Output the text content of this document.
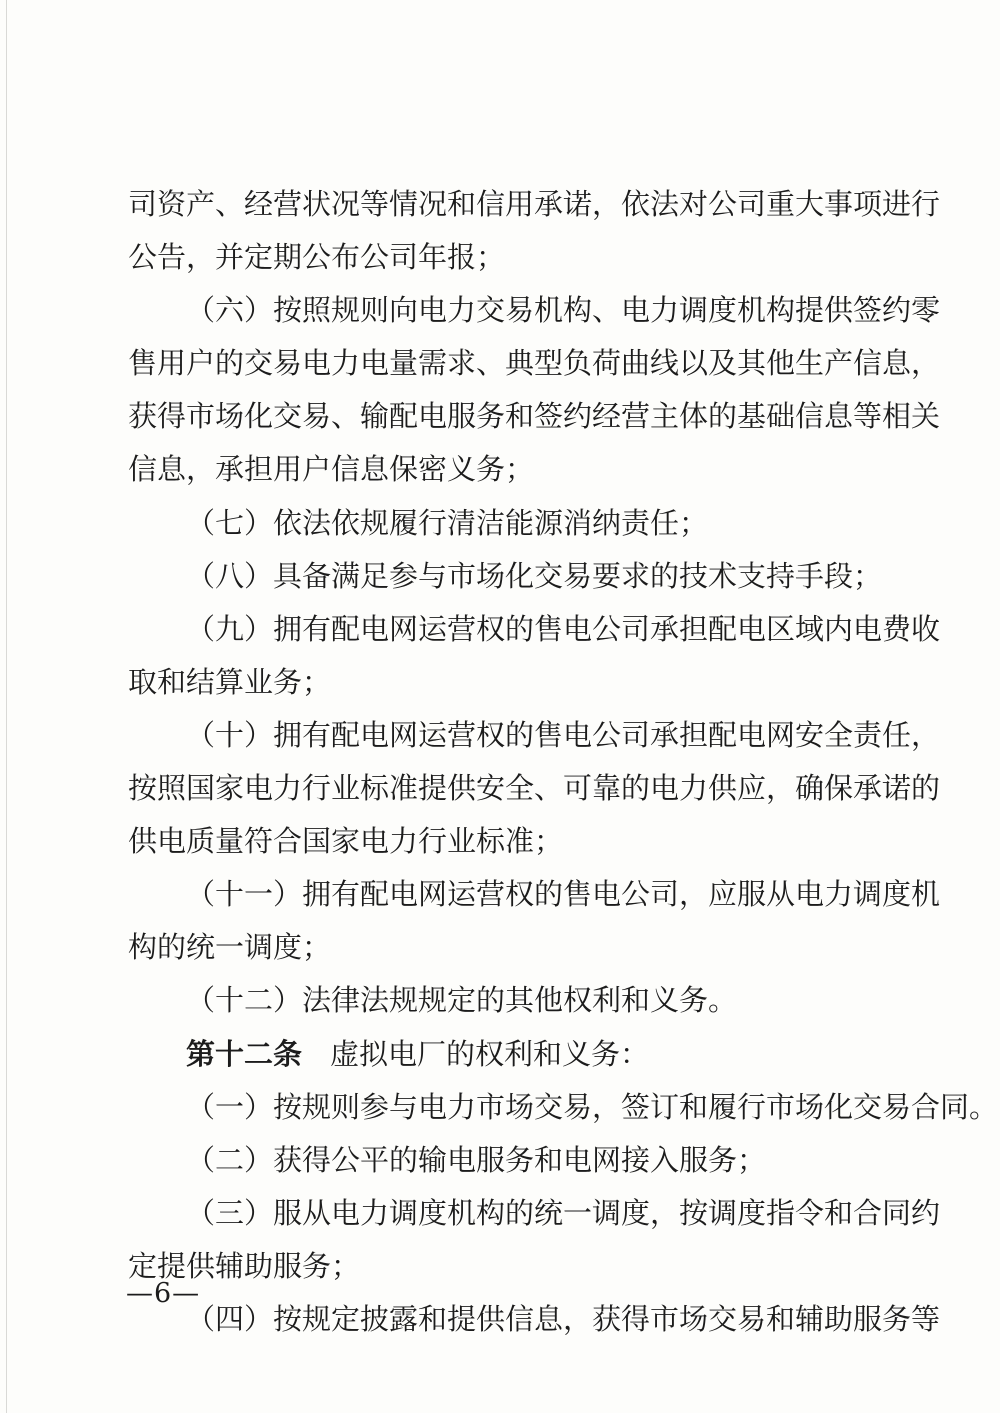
司资产、经营状况等情况和信用承诺，依法对公司重大事项进行
公告，并定期公布公司年报；
（六）按照规则向电力交易机构、电力调度机构提供签约零
售用户的交易电力电量需求、典型负荷曲线以及其他生产信息，
获得市场化交易、输配电服务和签约经营主体的基础信息等相关
信息，承担用户信息保密义务；
（七）依法依规履行清洁能源消纳责任；
（八）具备满足参与市场化交易要求的技术支持手段；
（九）拥有配电网运营权的售电公司承担配电区域内电费收
取和结算业务；
（十）拥有配电网运营权的售电公司承担配电网安全责任，
按照国家电力行业标准提供安全、可靠的电力供应，确保承诺的
供电质量符合国家电力行业标准；
（十一）拥有配电网运营权的售电公司，应服从电力调度机
构的统一调度；
（十二）法律法规规定的其他权利和义务。
第十二条 虚拟电厂的权利和义务：
（一）按规则参与电力市场交易，签订和履行市场化交易合同。
（二）获得公平的输电服务和电网接入服务；
（三）服从电力调度机构的统一调度，按调度指令和合同约
定提供辅助服务；
（四）按规定披露和提供信息，获得市场交易和辅助服务等
—6—
